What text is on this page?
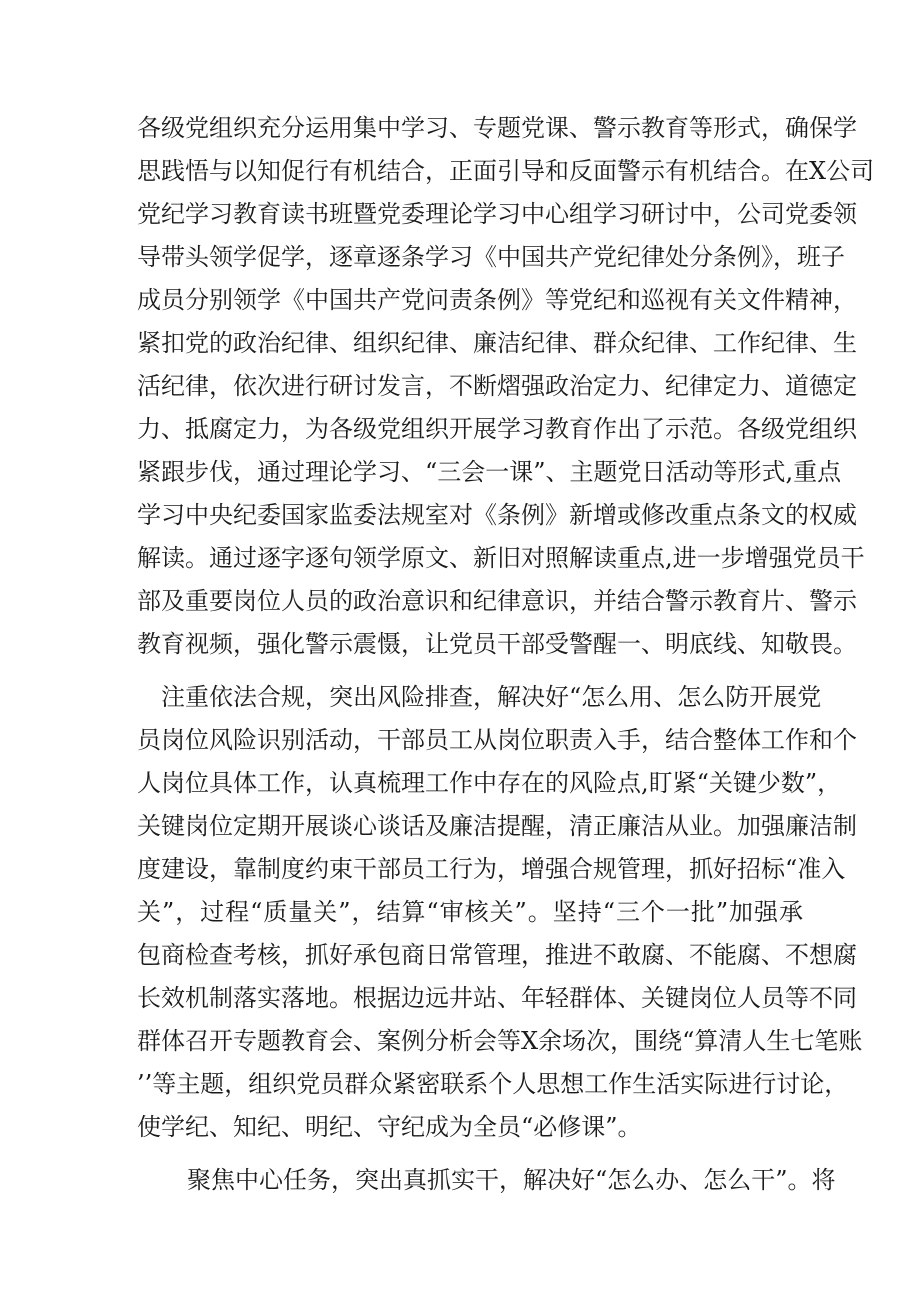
各级党组织充分运用集中学习、专题党课、警示教育等形式，确保学
思践悟与以知促行有机结合，正面引导和反面警示有机结合。在X公司
党纪学习教育读书班暨党委理论学习中心组学习研讨中，公司党委领
导带头领学促学，逐章逐条学习《中国共产党纪律处分条例》，班子
成员分别领学《中国共产党问责条例》等党纪和巡视有关文件精神，
紧扣党的政治纪律、组织纪律、廉洁纪律、群众纪律、工作纪律、生
活纪律，依次进行研讨发言，不断熠强政治定力、纪律定力、道德定
力、抵腐定力，为各级党组织开展学习教育作出了示范。各级党组织
紧跟步伐，通过理论学习、“三会一课”、主题党日活动等形式,重点
学习中央纪委国家监委法规室对《条例》新增或修改重点条文的权威
解读。通过逐字逐句领学原文、新旧对照解读重点,进一步增强党员干
部及重要岗位人员的政治意识和纪律意识，并结合警示教育片、警示
教育视频，强化警示震慑，让党员干部受警醒一、明底线、知敬畏。
注重依法合规，突出风险排查，解决好“怎么用、怎么防开展党
员岗位风险识别活动，干部员工从岗位职责入手，结合整体工作和个
人岗位具体工作，认真梳理工作中存在的风险点,盯紧“关键少数”，
关键岗位定期开展谈心谈话及廉洁提醒，清正廉洁从业。加强廉洁制
度建设，靠制度约束干部员工行为，增强合规管理，抓好招标“准入
关”，过程“质量关”，结算“审核关”。坚持“三个一批”加强承
包商检查考核，抓好承包商日常管理，推进不敢腐、不能腐、不想腐
长效机制落实落地。根据边远井站、年轻群体、关键岗位人员等不同
群体召开专题教育会、案例分析会等X余场次，围绕“算清人生七笔账
’’等主题，组织党员群众紧密联系个人思想工作生活实际进行讨论，
使学纪、知纪、明纪、守纪成为全员“必修课”。
聚焦中心任务，突出真抓实干，解决好“怎么办、怎么干”。将
